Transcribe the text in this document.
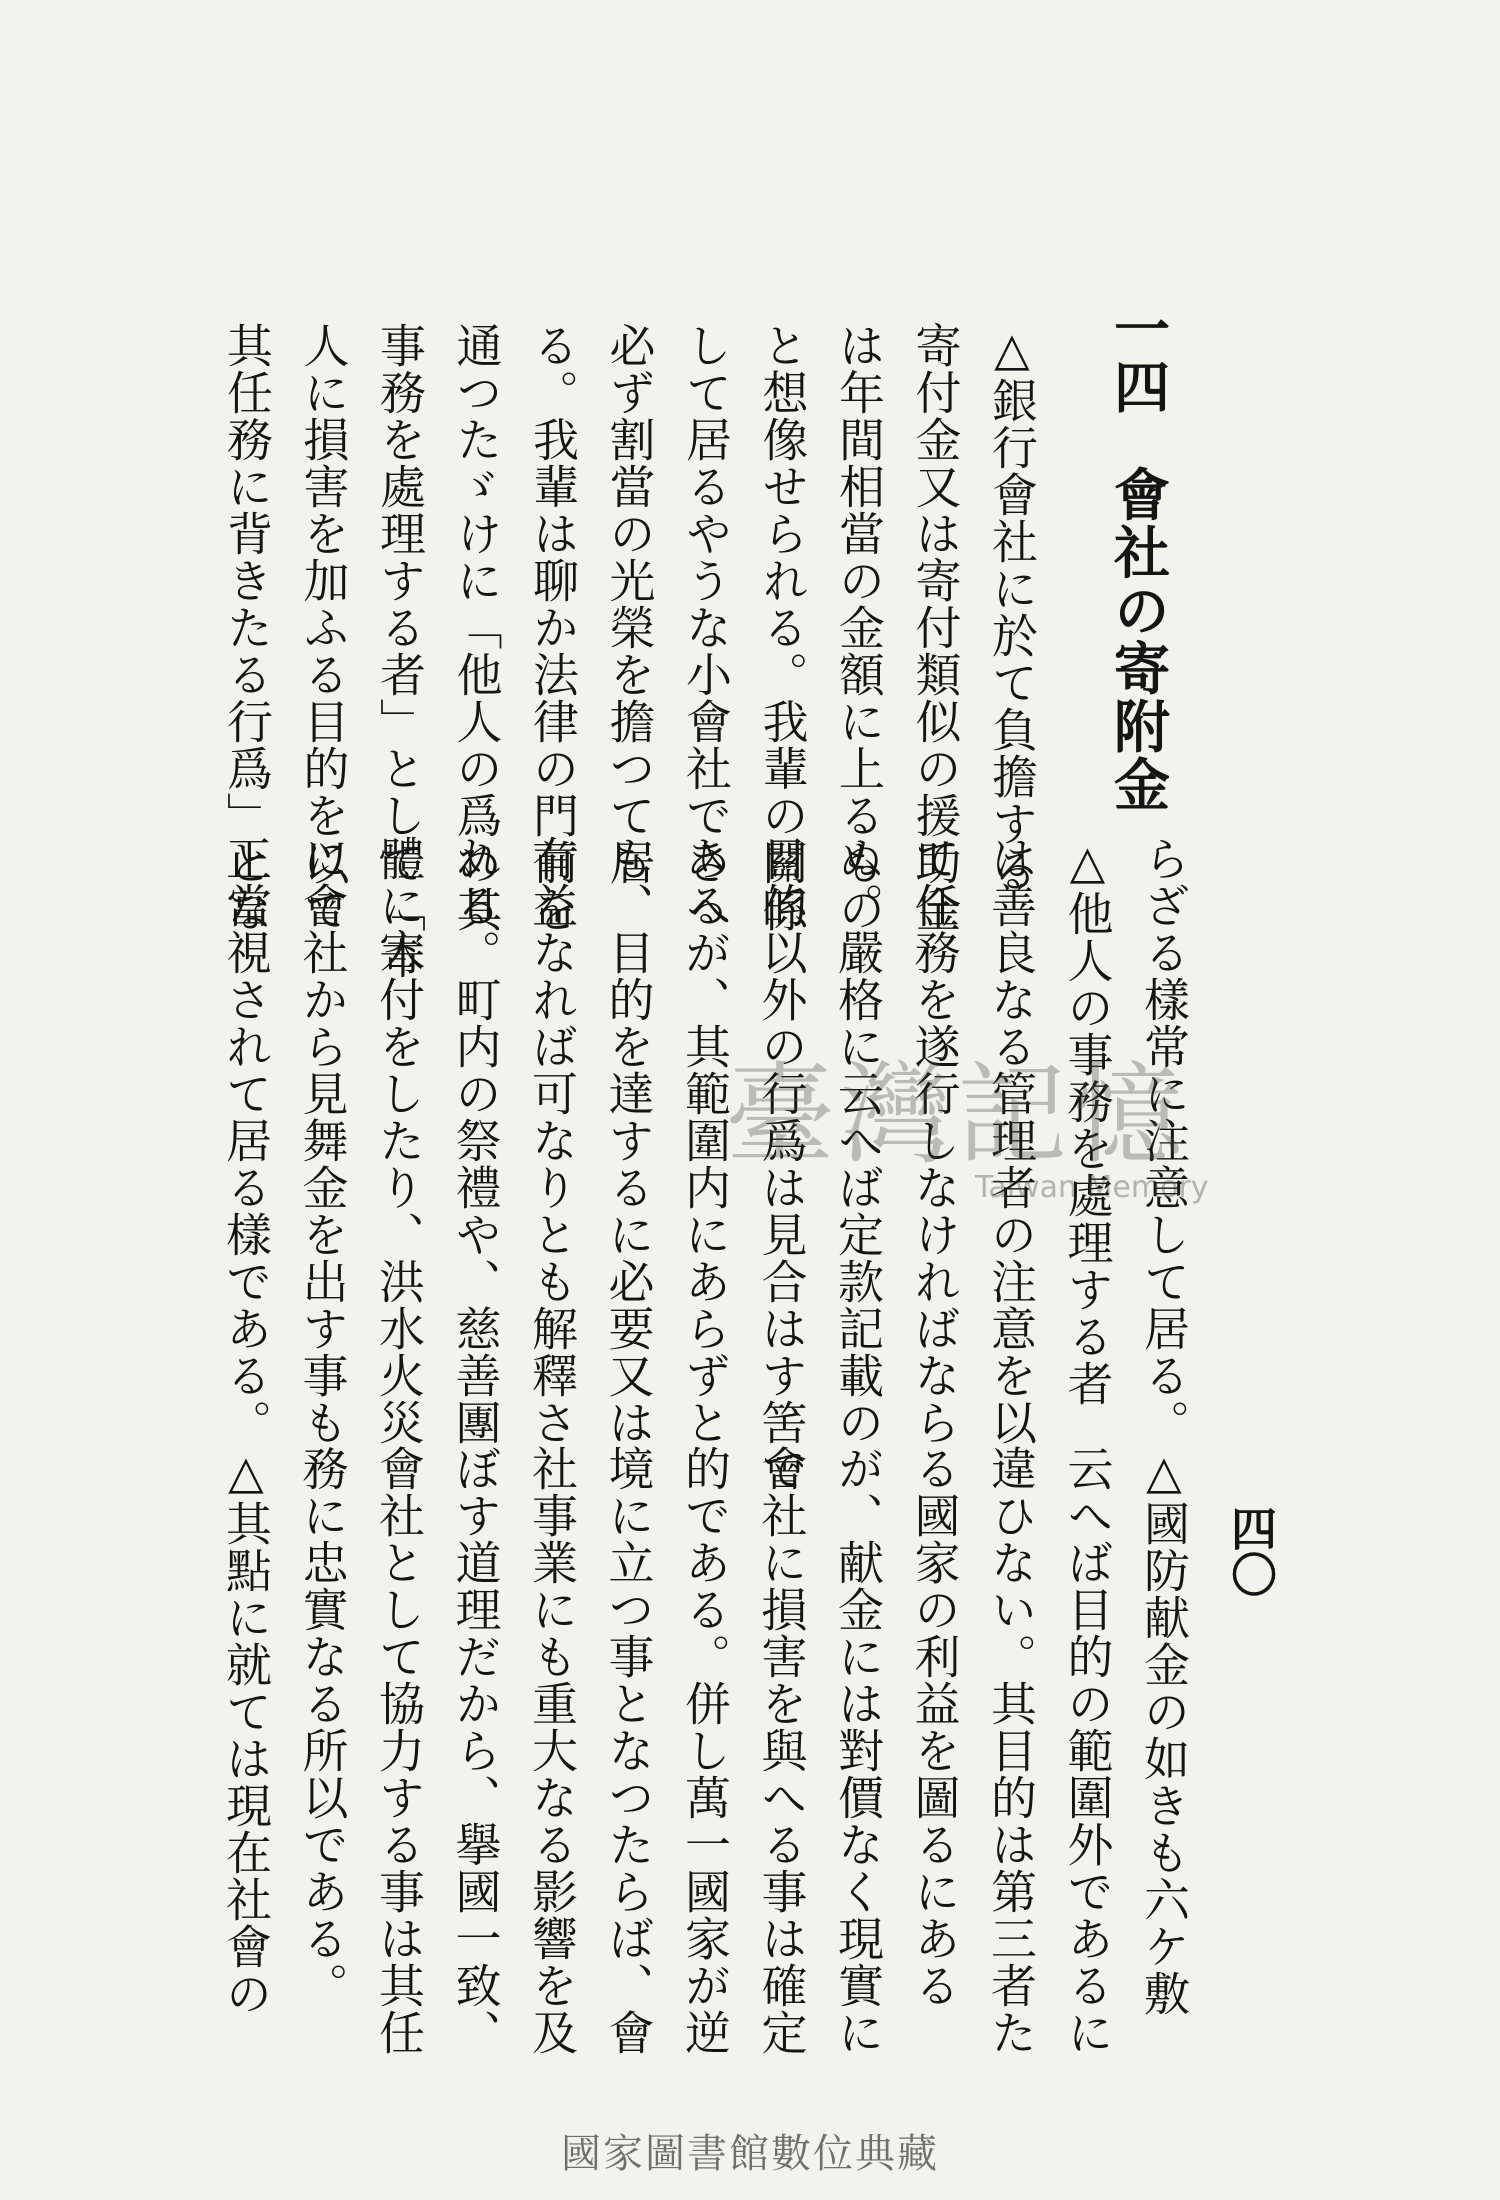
四〇
一四 會社の寄附金
△銀行會社に於て負擔する
寄付金又は寄付類似の援助金
は年間相當の金額に上るもの
と想像せられる。我輩の關係
して居るやうな小會社でさへ
必ず割當の光榮を擔つて居
る。我輩は聊か法律の門前を
通つたゞけに「他人の爲め其
事務を處理する者」として「本
人に損害を加ふる目的を以て
其任務に背きたる行爲」とな
らざる樣常に注意して居る。
△他人の事務を處理する者
は善良なる管理者の注意を以
て任務を遂行しなければなら
ぬ。嚴格に云へば定款記載の
目的以外の行爲は見合はす筈で
あるが、其範圍内にあらずと
も、目的を達するに必要又は
有益なれば可なりとも解釋さ
れる。町内の祭禮や、慈善團
體に寄付をしたり、洪水火災
に會社から見舞金を出す事も
正當視されて居る樣である。
△國防献金の如きも六ケ敷
云へば目的の範圍外であるに
違ひない。其目的は第三者た
る國家の利益を圖るにある
が、献金には對價なく現實に
會社に損害を與へる事は確定
的である。併し萬一國家が逆
境に立つ事となつたらば、會
社事業にも重大なる影響を及
ぼす道理だから、擧國一致、
會社として協力する事は其任
務に忠實なる所以である。
△其點に就ては現在社會の
臺灣記憶
Taiwan Memory
國家圖書館數位典藏
